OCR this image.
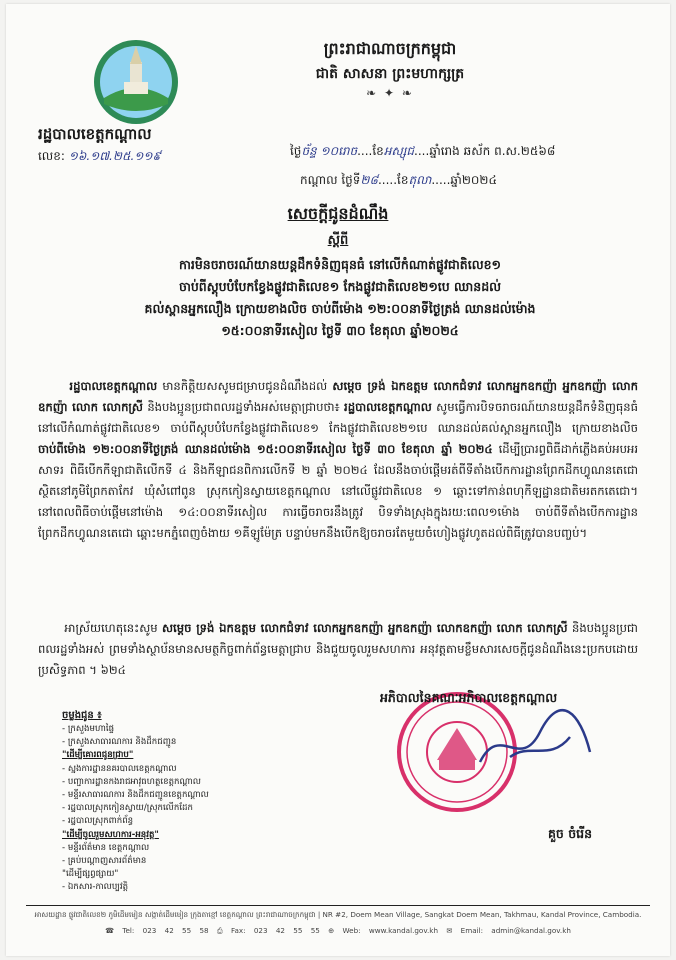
ព្រះរាជាណាចក្រកម្ពុជា
ជាតិ សាសនា ព្រះមហាក្សត្រ
❧ ✦ ❧
រដ្ឋបាលខេត្តកណ្តាល
លេខ: ១៦.១៧.២៥.១១៩	ថ្ងៃច័ន្ទ ១០រោច....ខែអស្សុជ....ឆ្នាំរោង ឆស័ក ព.ស.២៥៦៨
កណ្តាល ថ្ងៃទី២៨.....ខែតុលា.....ឆ្នាំ២០២៤
សេចក្តីជូនដំណឹង
ស្តីពី
ការមិនចរាចរណ៍យានយន្តដឹកទំនិញធុនធំ នៅលើកំណាត់ផ្លូវជាតិលេខ១
ចាប់ពីស្តុបបំបែកខ្វែងផ្លូវជាតិលេខ១ កែងផ្លូវជាតិលេខ២១បេ ឈានដល់
គល់ស្ពានអ្នកលឿង ក្រោយខាងលិច ចាប់ពីម៉ោង ១២:០០នាទីថ្ងៃត្រង់ ឈានដល់ម៉ោង
១៥:០០នាទីរសៀល ថ្ងៃទី ៣០ ខែតុលា ឆ្នាំ២០២៤
រដ្ឋបាលខេត្តកណ្តាល មានកិត្តិយសសូមជម្រាបជូនដំណឹងដល់ សម្តេច ទ្រង់ ឯកឧត្តម លោកជំទាវ លោកអ្នកឧកញ៉ា អ្នកឧកញ៉ា លោកឧកញ៉ា លោក លោកស្រី និងបងប្អូនប្រជាពលរដ្ឋទាំងអស់មេត្តាជ្រាបថា៖ រដ្ឋបាលខេត្តកណ្តាល សូមធ្វើការបិទចរាចរណ៍យានយន្តដឹកទំនិញធុនធំ នៅលើកំណាត់ផ្លូវជាតិលេខ១ ចាប់ពីស្តុបបំបែកខ្វែងផ្លូវជាតិលេខ១ កែងផ្លូវជាតិលេខ២១បេ ឈានដល់គល់ស្ពានអ្នកលឿង ក្រោយខាងលិច ចាប់ពីម៉ោង ១២:០០នាទីថ្ងៃត្រង់ ឈានដល់ម៉ោង ១៥:០០នាទីរសៀល ថ្ងៃទី ៣០ ខែតុលា ឆ្នាំ ២០២៤ ដើម្បីប្រារព្ធពិធីដាក់ភ្លើងគប់អបអរសាទរ ពិធីបើកកីឡាជាតិលើកទី ៤ និងកីឡាជនពិការលើកទី ២ ឆ្នាំ ២០២៤ ដែលនឹងចាប់ផ្តើមរត់ពីទីតាំងបើកការដ្ឋានព្រែកដីកហ្វូណនតេជោ ស្ថិតនៅភូមិព្រែកតាកែវ ឃុំសំពៅពូន ស្រុកកៀនស្វាយខេត្តកណ្តាល នៅលើផ្លូវជាតិលេខ ១ ឆ្ពោះទៅកាន់ពហុកីឡដ្ឋានជាតិមរតកតេជោ។ នៅពេលពិធីចាប់ផ្តើមនៅម៉ោង ១៤:០០នាទីរសៀល ការធ្វើចរាចរនឹងត្រូវ បិទទាំងស្រុងក្នុងរយ:ពេល១ម៉ោង ចាប់ពីទីតាំងបើកការដ្ឋានព្រែកដីកហ្វូណនតេជោ ឆ្ពោះមកភ្នំពេញចំងាយ ១គីឡូម៉ែត្រ បន្ទាប់មកនឹងបើកឱ្យចរាចរតែមួយចំហៀងផ្លូវហូតដល់ពិធីត្រូវបានបញ្ចប់។
អាស្រ័យហេតុនេះសូម សម្តេច ទ្រង់ ឯកឧត្តម លោកជំទាវ លោកអ្នកឧកញ៉ា អ្នកឧកញ៉ា លោកឧកញ៉ា លោក លោកស្រី និងបងប្អូនប្រជាពលរដ្ឋទាំងអស់ ព្រមទាំងស្ថាប័នមានសមត្ថកិច្ចពាក់ព័ន្ធមេត្តាជ្រាប និងជួយចូលរួមសហការ អនុវត្តតាមខ្លឹមសារសេចក្តីជូនដំណឹងនេះប្រកបដោយប្រសិទ្ធភាព ។ ៦២៤
អភិបាលនៃគណៈអភិបាលខេត្តកណ្តាល
គួច ចំរើន
ចម្លងជូន ៖
- ក្រសួងមហាផ្ទៃ
- ក្រសួងសាធារណការ និងដឹកជញ្ជូន
"ដើម្បីគោរពជូនជ្រាប"
- ស្នងការដ្ឋាននគរបាលខេត្តកណ្តាល
- បញ្ជាការដ្ឋានកងរាជអាវុធហត្ថខេត្តកណ្តាល
- មន្ទីរសាធារណការ និងដឹកជញ្ជូនខេត្តកណ្តាល
- រដ្ឋបាលស្រុកកៀនស្វាយ/ស្រុកលើកដែក
- រដ្ឋបាលស្រុកពាក់ព័ន្ធ
"ដើម្បីចូលរួមសហការ-អនុវត្ត"
- មន្ទីរព័ត៌មាន ខេត្តកណ្តាល
- គ្រប់បណ្តាញសារព័ត៌មាន
"ដើម្បីផ្សព្វផ្សាយ"
- ឯកសារ-កាលប្បវត្តិ
អាសយដ្ឋាន ផ្លូវជាតិលេខ២ ភូមិដើមមៀន សង្កាត់ដើមមៀន ក្រុងតាខ្មៅ ខេត្តកណ្តាល ព្រះរាជាណាចក្រកម្ពុជា | NR #2, Doem Mean Village, Sangkat Doem Mean, Takhmau, Kandal Province, Cambodia.
☎ Tel: 023 42 55 58 ⎙ Fax: 023 42 55 55 ⊕ Web: www.kandal.gov.kh ✉ Email: admin@kandal.gov.kh
